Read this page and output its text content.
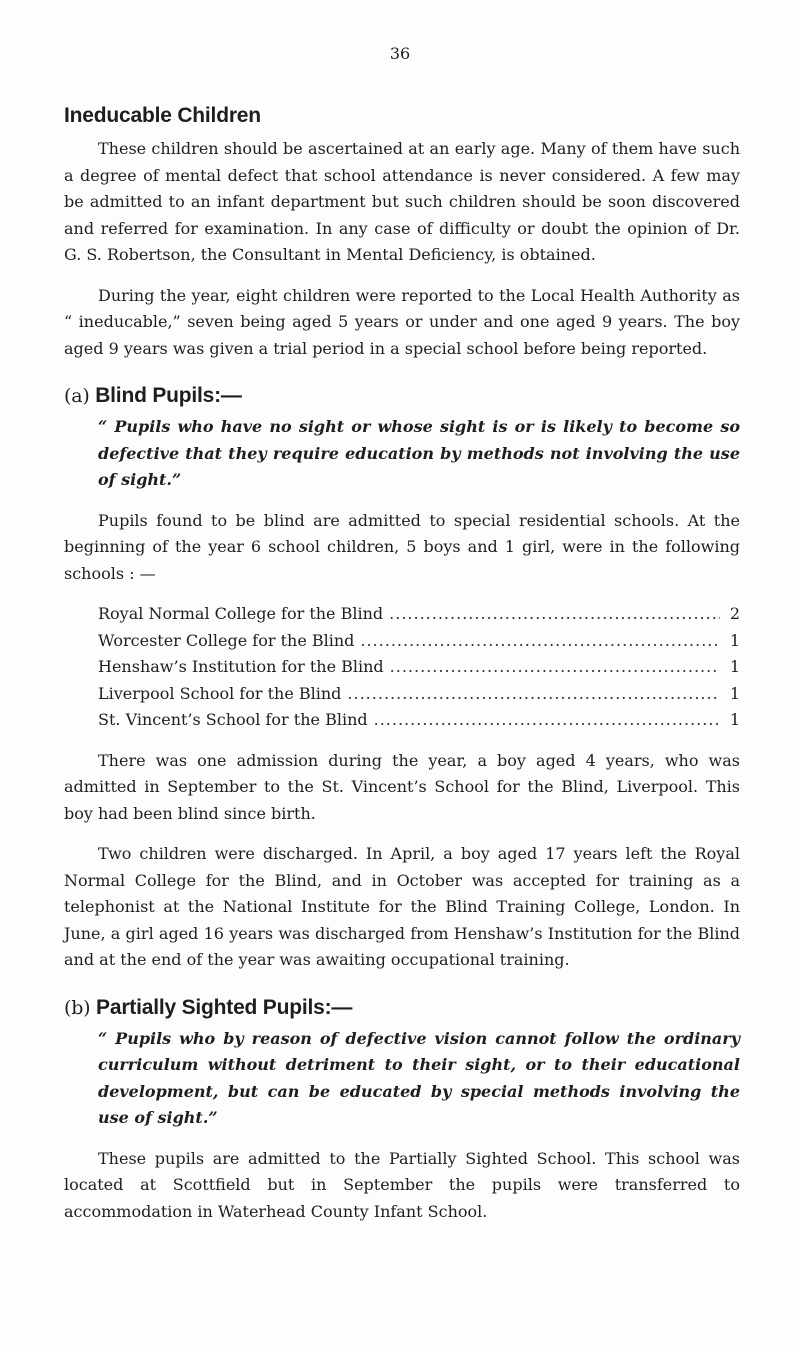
36
Ineducable Children

These children should be ascertained at an early age. Many of them have such a degree of mental defect that school attendance is never considered. A few may be admitted to an infant department but such children should be soon discovered and referred for examination. In any case of difficulty or doubt the opinion of Dr. G. S. Robertson, the Consultant in Mental Deficiency, is obtained.

During the year, eight children were reported to the Local Health Authority as “ ineducable,” seven being aged 5 years or under and one aged 9 years. The boy aged 9 years was given a trial period in a special school before being reported.

(a) Blind Pupils:—
“ Pupils who have no sight or whose sight is or is likely to become so defective that they require education by methods not involving the use of sight.”

Pupils found to be blind are admitted to special residential schools. At the beginning of the year 6 school children, 5 boys and 1 girl, were in the following schools : —

Royal Normal College for the Blind .....	2
Worcester College for the Blind .....	1
Henshaw’s Institution for the Blind .....	1
Liverpool School for the Blind .....	1
St. Vincent’s School for the Blind .....	1

There was one admission during the year, a boy aged 4 years, who was admitted in September to the St. Vincent’s School for the Blind, Liverpool. This boy had been blind since birth.

Two children were discharged. In April, a boy aged 17 years left the Royal Normal College for the Blind, and in October was accepted for training as a telephonist at the National Institute for the Blind Training College, London. In June, a girl aged 16 years was discharged from Henshaw’s Institution for the Blind and at the end of the year was awaiting occupational training.

(b) Partially Sighted Pupils:—
“ Pupils who by reason of defective vision cannot follow the ordinary curriculum without detriment to their sight, or to their educational development, but can be educated by special methods involving the use of sight.”

These pupils are admitted to the Partially Sighted School. This school was located at Scottfield but in September the pupils were transferred to accommodation in Waterhead County Infant School.
